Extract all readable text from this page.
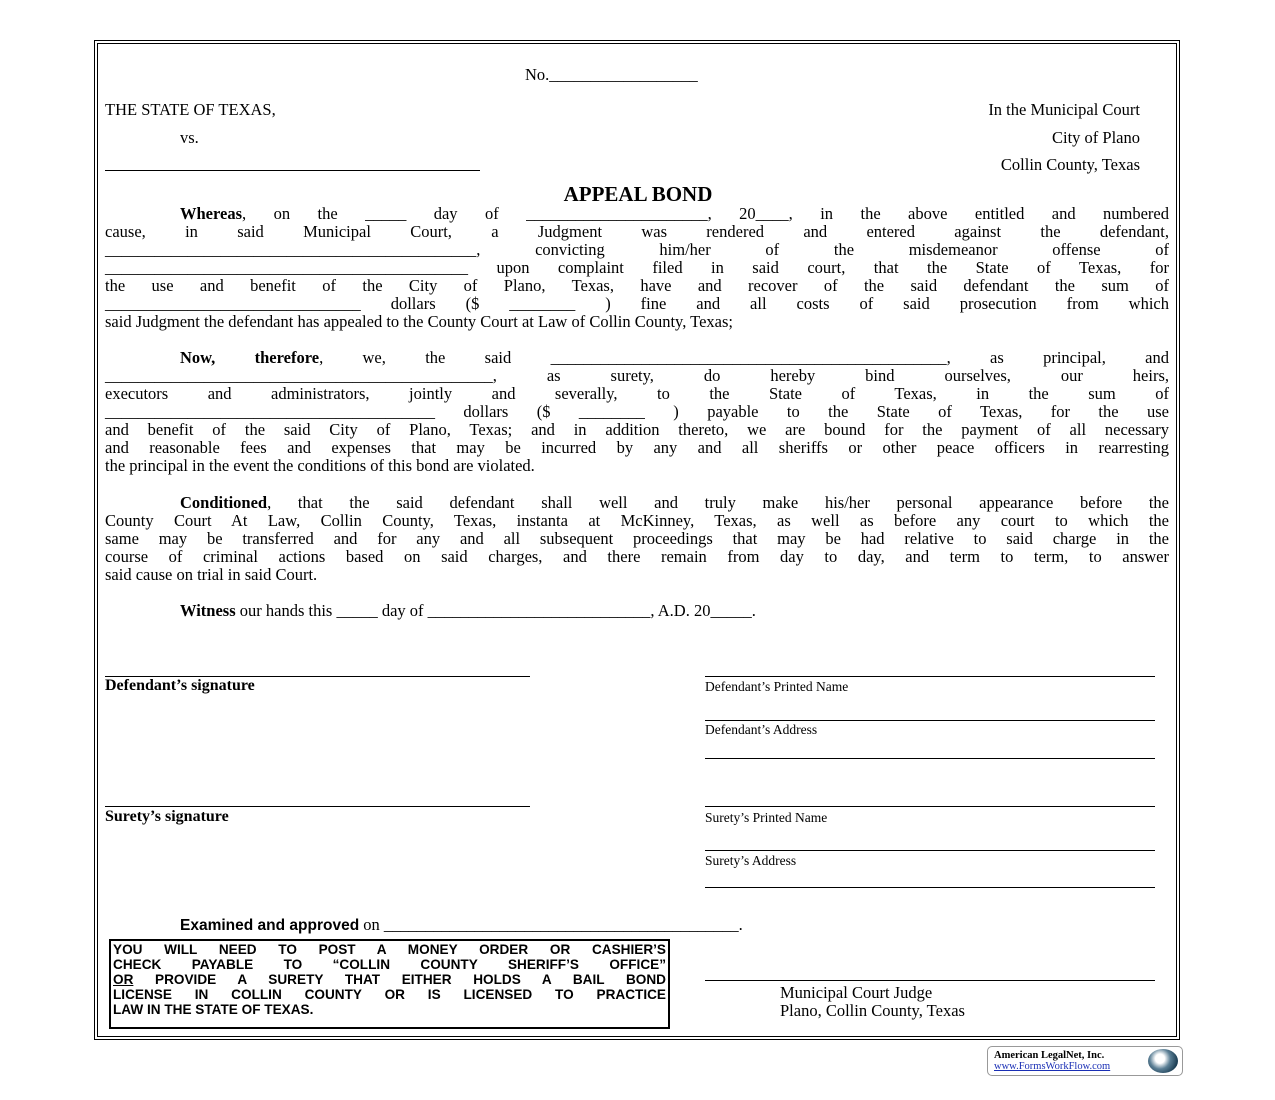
No.__________________
THE STATE OF TEXAS,
vs.
In the Municipal Court
City of Plano
Collin County, Texas
APPEAL BOND
Whereas, on the _____ day of ______________________, 20____, in the above entitled and numbered
cause, in said Municipal Court, a Judgment was rendered and entered against the defendant,
_____________________________________________, convicting him/her of the misdemeanor offense of
____________________________________________ upon complaint filed in said court, that the State of Texas, for
the use and benefit of the City of Plano, Texas, have and recover of the said defendant the sum of
_______________________________ dollars ($ ________ ) fine and all costs of said prosecution from which
said Judgment the defendant has appealed to the County Court at Law of Collin County, Texas;
Now, therefore, we, the said ________________________________________________, as principal, and
_______________________________________________, as surety, do hereby bind ourselves, our heirs,
executors and administrators, jointly and severally, to the State of Texas, in the sum of
________________________________________ dollars ($ ________ ) payable to the State of Texas, for the use
and benefit of the said City of Plano, Texas; and in addition thereto, we are bound for the payment of all necessary
and reasonable fees and expenses that may be incurred by any and all sheriffs or other peace officers in rearresting
the principal in the event the conditions of this bond are violated.
Conditioned, that the said defendant shall well and truly make his/her personal appearance before the
County Court At Law, Collin County, Texas, instanta at McKinney, Texas, as well as before any court to which the
same may be transferred and for any and all subsequent proceedings that may be had relative to said charge in the
course of criminal actions based on said charges, and there remain from day to day, and term to term, to answer
said cause on trial in said Court.
Witness our hands this _____ day of ___________________________, A.D. 20_____.
Defendant’s signature	Defendant’s Printed Name
Defendant’s Address
Surety’s signature	Surety’s Printed Name
Surety’s Address
Examined and approved on ___________________________________________.
YOU WILL NEED TO POST A MONEY ORDER OR CASHIER’S
CHECK PAYABLE TO “COLLIN COUNTY SHERIFF’S OFFICE”
OR PROVIDE A SURETY THAT EITHER HOLDS A BAIL BOND
LICENSE IN COLLIN COUNTY OR IS LICENSED TO PRACTICE
LAW IN THE STATE OF TEXAS.
Municipal Court Judge
Plano, Collin County, Texas
American LegalNet, Inc.
www.FormsWorkFlow.com
